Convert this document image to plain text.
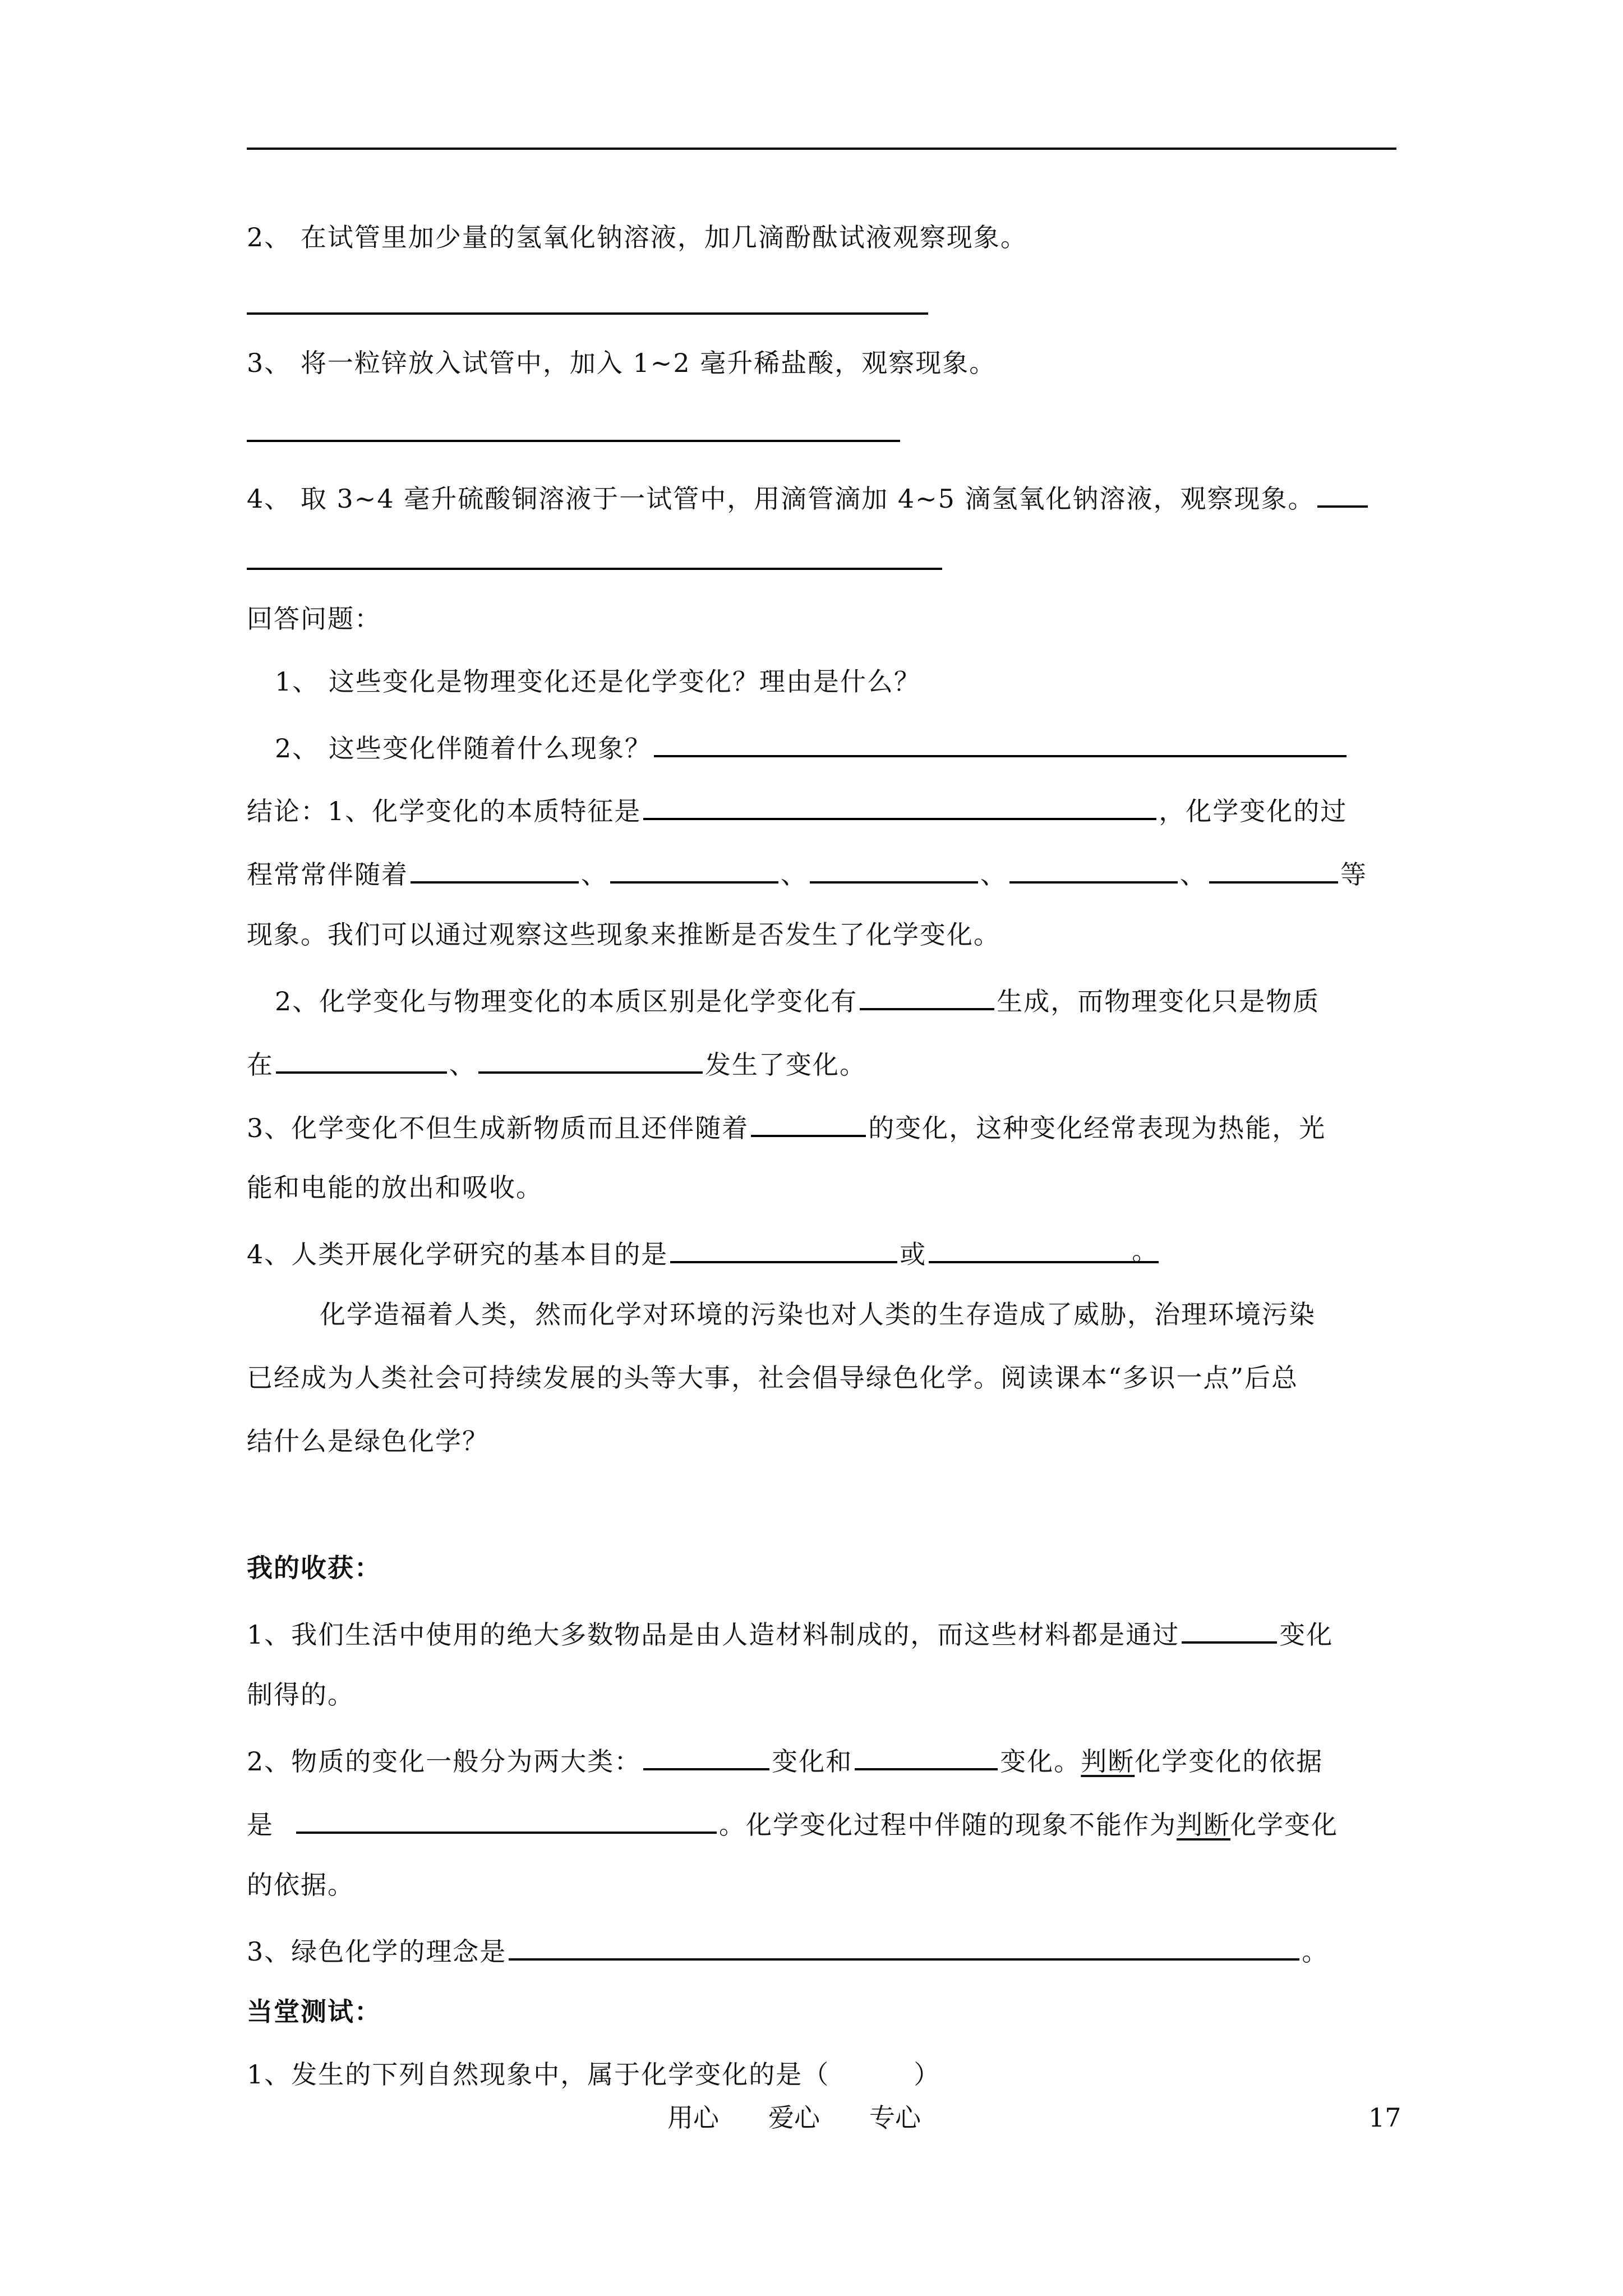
2、 在试管里加少量的氢氧化钠溶液，加几滴酚酞试液观察现象。
3、 将一粒锌放入试管中，加入 1~2 毫升稀盐酸，观察现象。
4、 取 3~4 毫升硫酸铜溶液于一试管中，用滴管滴加 4~5 滴氢氧化钠溶液，观察现象。
回答问题：
1、 这些变化是物理变化还是化学变化？理由是什么？
2、 这些变化伴随着什么现象？
结论：1、化学变化的本质特征是	，化学变化的过
程常常伴随着	、	、	、	、	等
现象。我们可以通过观察这些现象来推断是否发生了化学变化。
2、化学变化与物理变化的本质区别是化学变化有	生成，而物理变化只是物质
在	、	发生了变化。
3、化学变化不但生成新物质而且还伴随着	的变化，这种变化经常表现为热能，光
能和电能的放出和吸收。
4、人类开展化学研究的基本目的是	或	。
化学造福着人类，然而化学对环境的污染也对人类的生存造成了威胁，治理环境污染
已经成为人类社会可持续发展的头等大事，社会倡导绿色化学。阅读课本“多识一点”后总
结什么是绿色化学？
我的收获：
1、我们生活中使用的绝大多数物品是由人造材料制成的，而这些材料都是通过	变化
制得的。
2、物质的变化一般分为两大类：	变化和	变化。判断化学变化的依据
是	。化学变化过程中伴随的现象不能作为判断化学变化
的依据。
3、绿色化学的理念是	。
当堂测试：
1、发生的下列自然现象中，属于化学变化的是（	）
用心 爱心 专心	17
